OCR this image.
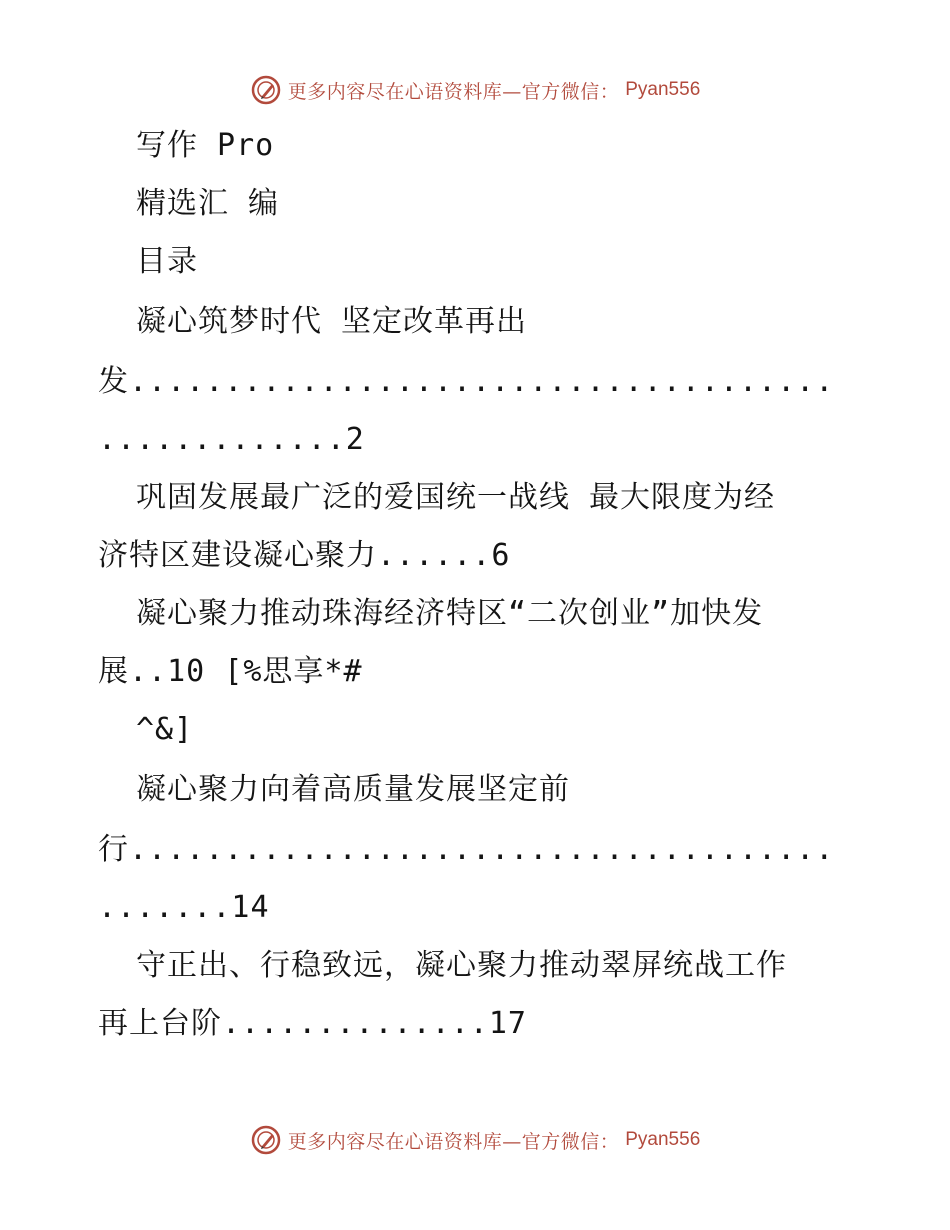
更多内容尽在心语资料库—官方微信： Pyan556
写作 Pro
精选汇 编
目录
凝心筑梦时代 坚定改革再出
发.....................................
.............2
巩固发展最广泛的爱国统一战线 最大限度为经
济特区建设凝心聚力......6
凝心聚力推动珠海经济特区“二次创业”加快发
展..10 [%思享*#
^&]
凝心聚力向着高质量发展坚定前
行.....................................
.......14
守正出、行稳致远，凝心聚力推动翠屏统战工作
再上台阶..............17
更多内容尽在心语资料库—官方微信： Pyan556
